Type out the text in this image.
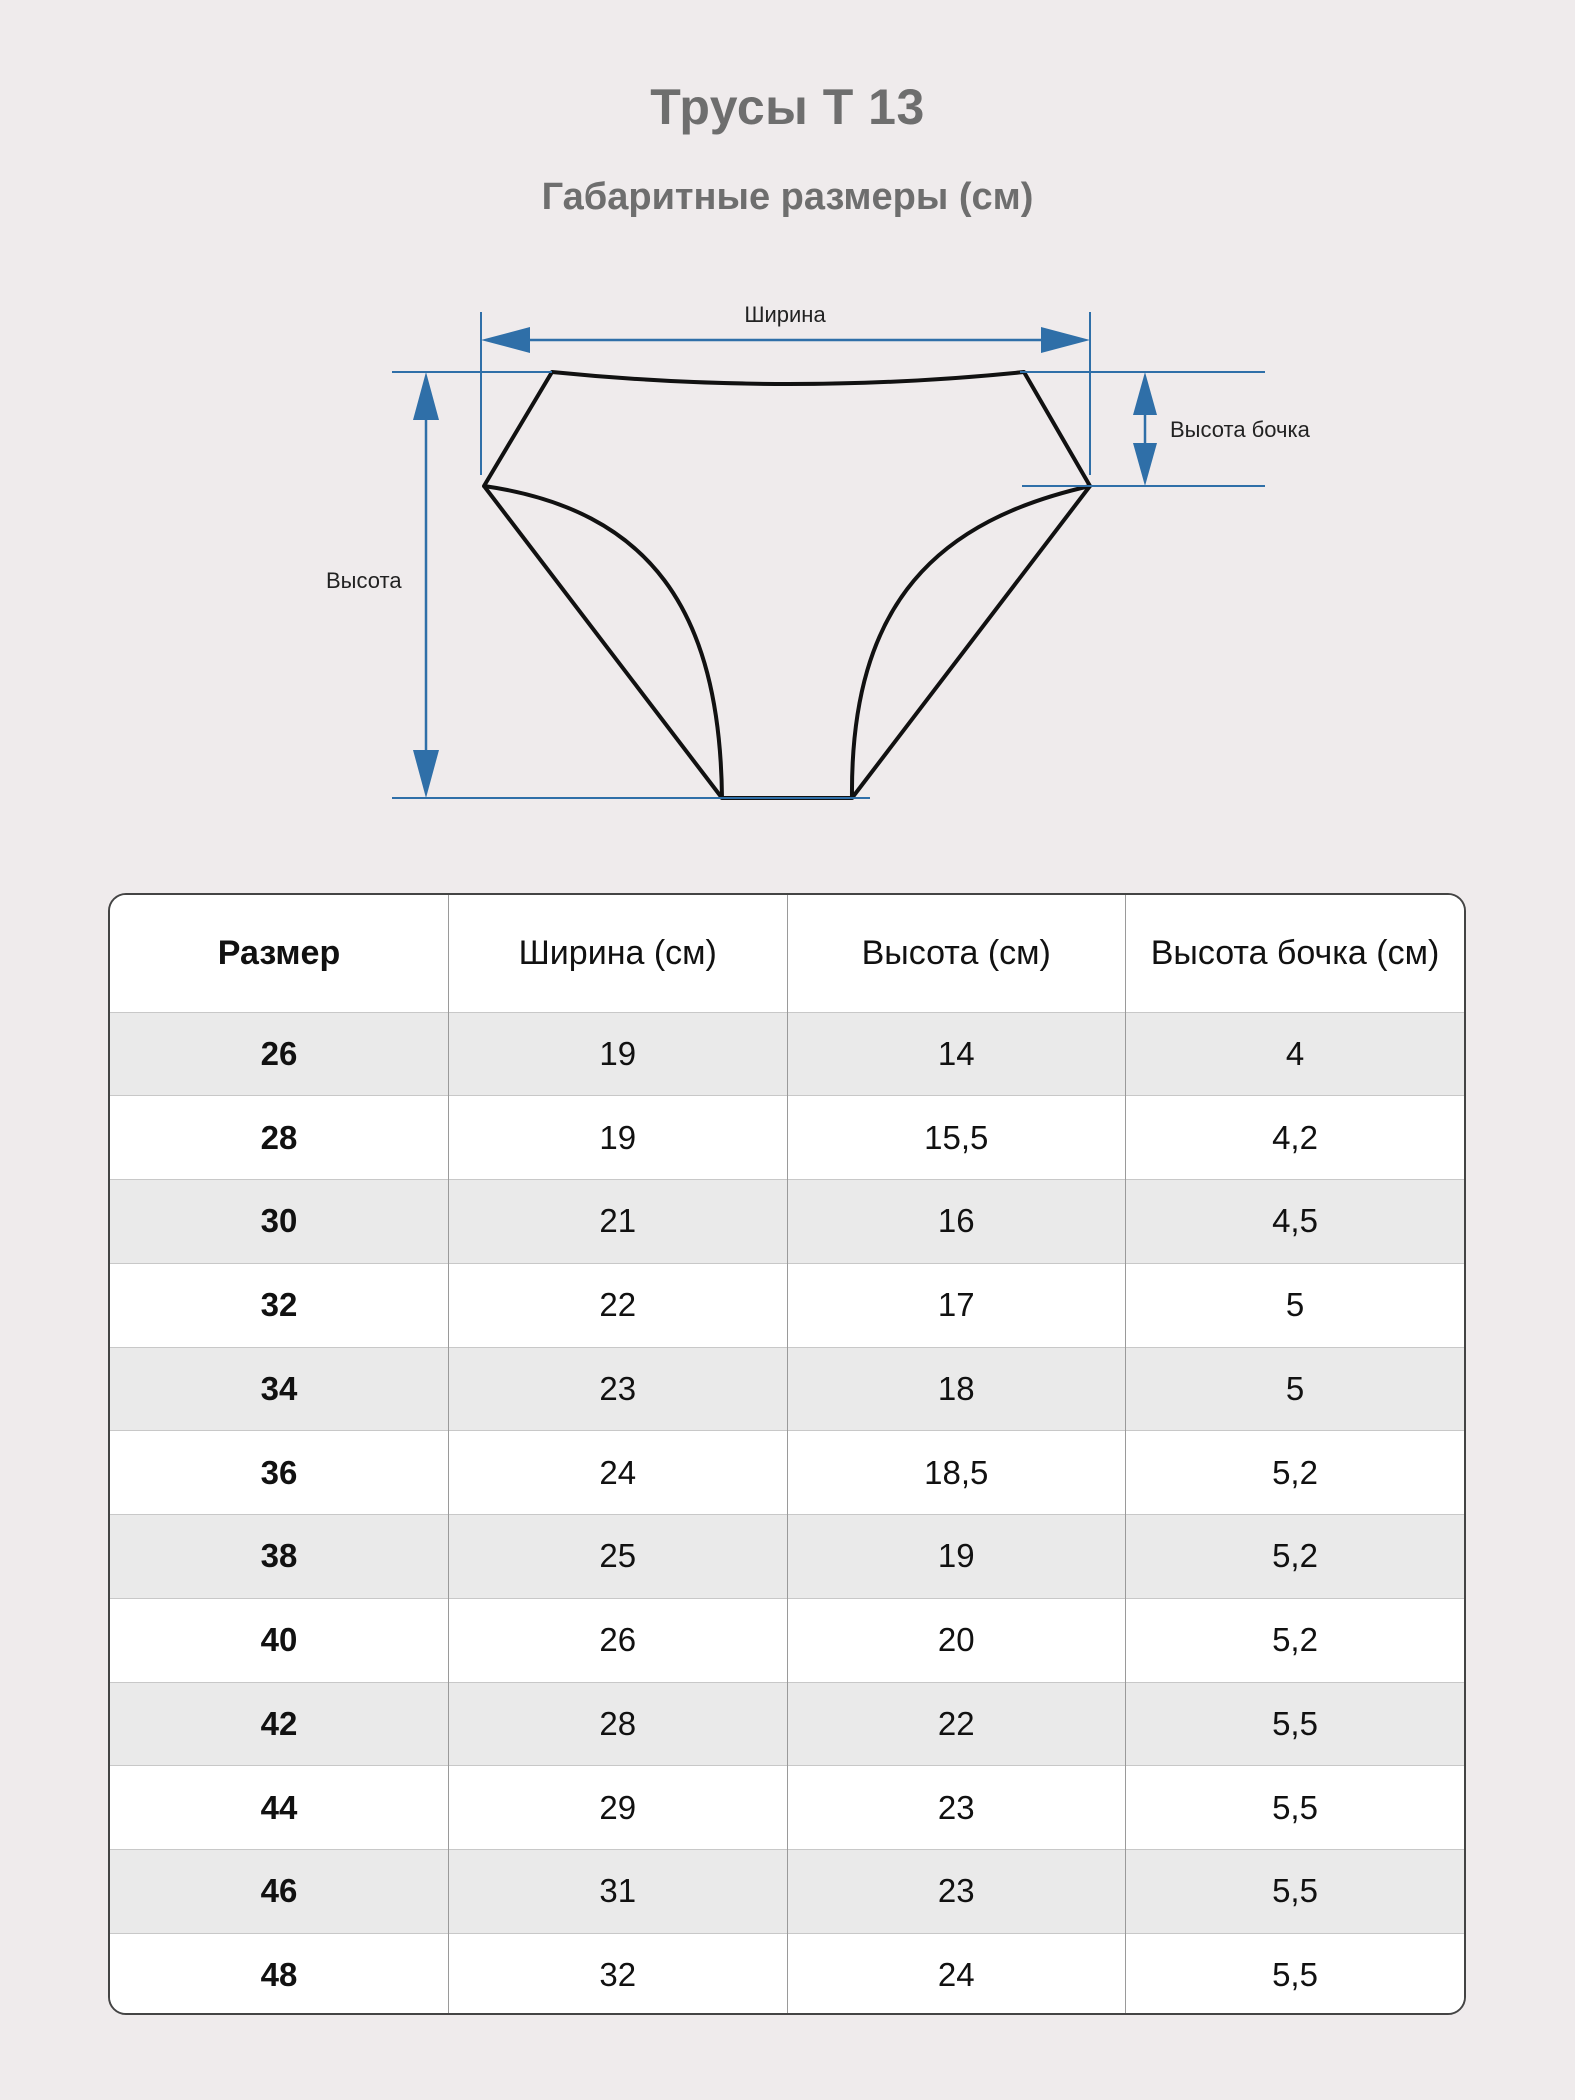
Трусы Т 13
Габаритные размеры (см)
Ширина
Высота бочка
Высота
Размер	Ширина (см)	Высота (см)	Высота бочка (см)
26	19	14	4
28	19	15,5	4,2
30	21	16	4,5
32	22	17	5
34	23	18	5
36	24	18,5	5,2
38	25	19	5,2
40	26	20	5,2
42	28	22	5,5
44	29	23	5,5
46	31	23	5,5
48	32	24	5,5
